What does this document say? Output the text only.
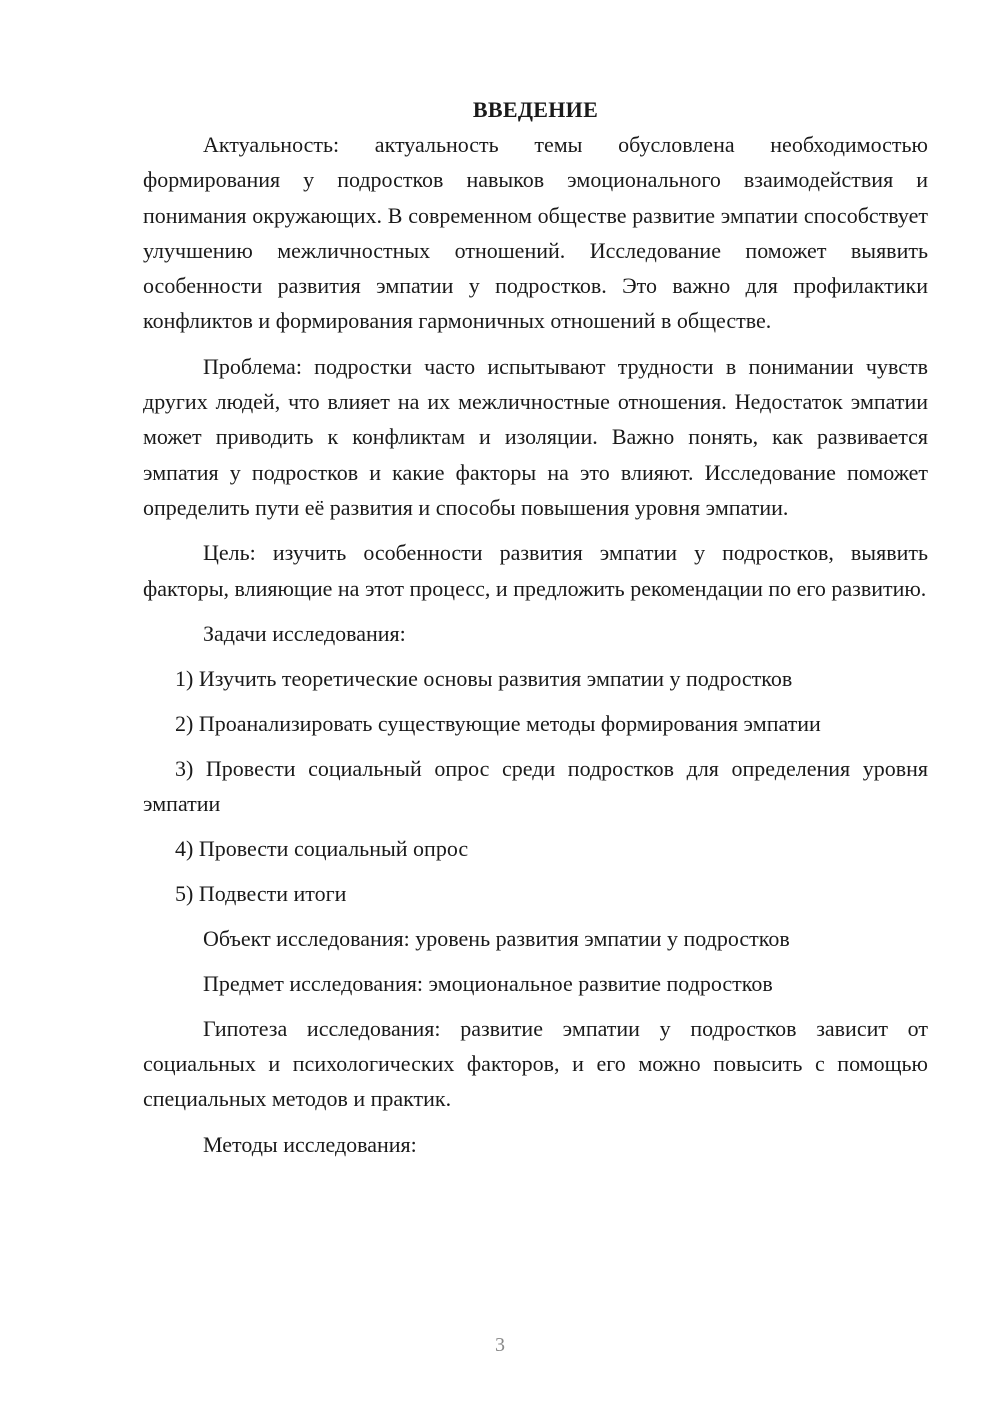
ВВЕДЕНИЕ

Актуальность: актуальность темы обусловлена необходимостью формирования у подростков навыков эмоционального взаимодействия и понимания окружающих. В современном обществе развитие эмпатии способствует улучшению межличностных отношений. Исследование поможет выявить особенности развития эмпатии у подростков. Это важно для профилактики конфликтов и формирования гармоничных отношений в обществе.

Проблема: подростки часто испытывают трудности в понимании чувств других людей, что влияет на их межличностные отношения. Недостаток эмпатии может приводить к конфликтам и изоляции. Важно понять, как развивается эмпатия у подростков и какие факторы на это влияют. Исследование поможет определить пути её развития и способы повышения уровня эмпатии.

Цель: изучить особенности развития эмпатии у подростков, выявить факторы, влияющие на этот процесс, и предложить рекомендации по его развитию.

Задачи исследования:

1) Изучить теоретические основы развития эмпатии у подростков

2) Проанализировать существующие методы формирования эмпатии

3) Провести социальный опрос среди подростков для определения уровня эмпатии

4) Провести социальный опрос

5) Подвести итоги

Объект исследования: уровень развития эмпатии у подростков

Предмет исследования: эмоциональное развитие подростков

Гипотеза исследования: развитие эмпатии у подростков зависит от социальных и психологических факторов, и его можно повысить с помощью специальных методов и практик.

Методы исследования:

3
